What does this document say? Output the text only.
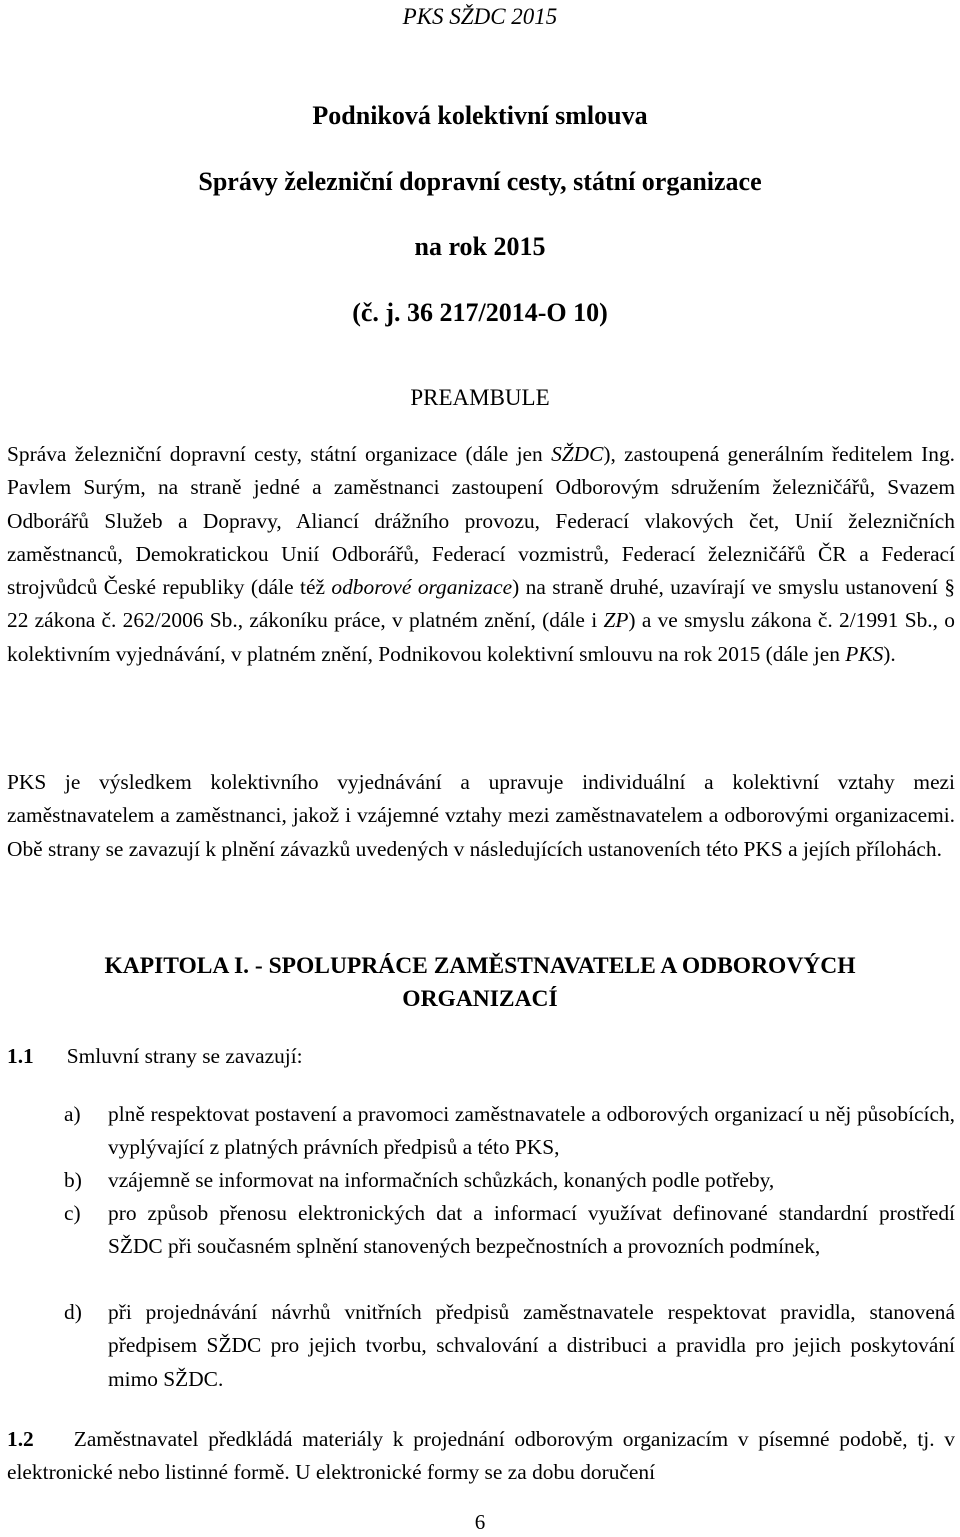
PKS SŽDC 2015
Podniková kolektivní smlouva
Správy železniční dopravní cesty, státní organizace
na rok 2015
(č. j. 36 217/2014-O 10)
PREAMBULE
Správa železniční dopravní cesty, státní organizace (dále jen SŽDC), zastoupená generálním ředitelem Ing. Pavlem Surým, na straně jedné a zaměstnanci zastoupení Odborovým sdružením železničářů, Svazem Odborářů Služeb a Dopravy, Aliancí drážního provozu, Federací vlakových čet, Unií železničních zaměstnanců, Demokratickou Unií Odborářů, Federací vozmistrů, Federací železničářů ČR a Federací strojvůdců České republiky (dále též odborové organizace) na straně druhé, uzavírají ve smyslu ustanovení § 22 zákona č. 262/2006 Sb., zákoníku práce, v platném znění, (dále i ZP) a ve smyslu zákona č. 2/1991 Sb., o kolektivním vyjednávání, v platném znění, Podnikovou kolektivní smlouvu na rok 2015 (dále jen PKS).
PKS je výsledkem kolektivního vyjednávání a upravuje individuální a kolektivní vztahy mezi zaměstnavatelem a zaměstnanci, jakož i vzájemné vztahy mezi zaměstnavatelem a odborovými organizacemi. Obě strany se zavazují k plnění závazků uvedených v následujících ustanoveních této PKS a jejích přílohách.
KAPITOLA I. - SPOLUPRÁCE ZAMĚSTNAVATELE A ODBOROVÝCH
ORGANIZACÍ
1.1 Smluvní strany se zavazují:
a) plně respektovat postavení a pravomoci zaměstnavatele a odborových organizací u něj působících, vyplývající z platných právních předpisů a této PKS,
b) vzájemně se informovat na informačních schůzkách, konaných podle potřeby,
c) pro způsob přenosu elektronických dat a informací využívat definované standardní prostředí SŽDC při současném splnění stanovených bezpečnostních a provozních podmínek,
d) při projednávání návrhů vnitřních předpisů zaměstnavatele respektovat pravidla, stanovená předpisem SŽDC pro jejich tvorbu, schvalování a distribuci a pravidla pro jejich poskytování mimo SŽDC.
1.2 Zaměstnavatel předkládá materiály k projednání odborovým organizacím v písemné podobě, tj. v elektronické nebo listinné formě. U elektronické formy se za dobu doručení
6
